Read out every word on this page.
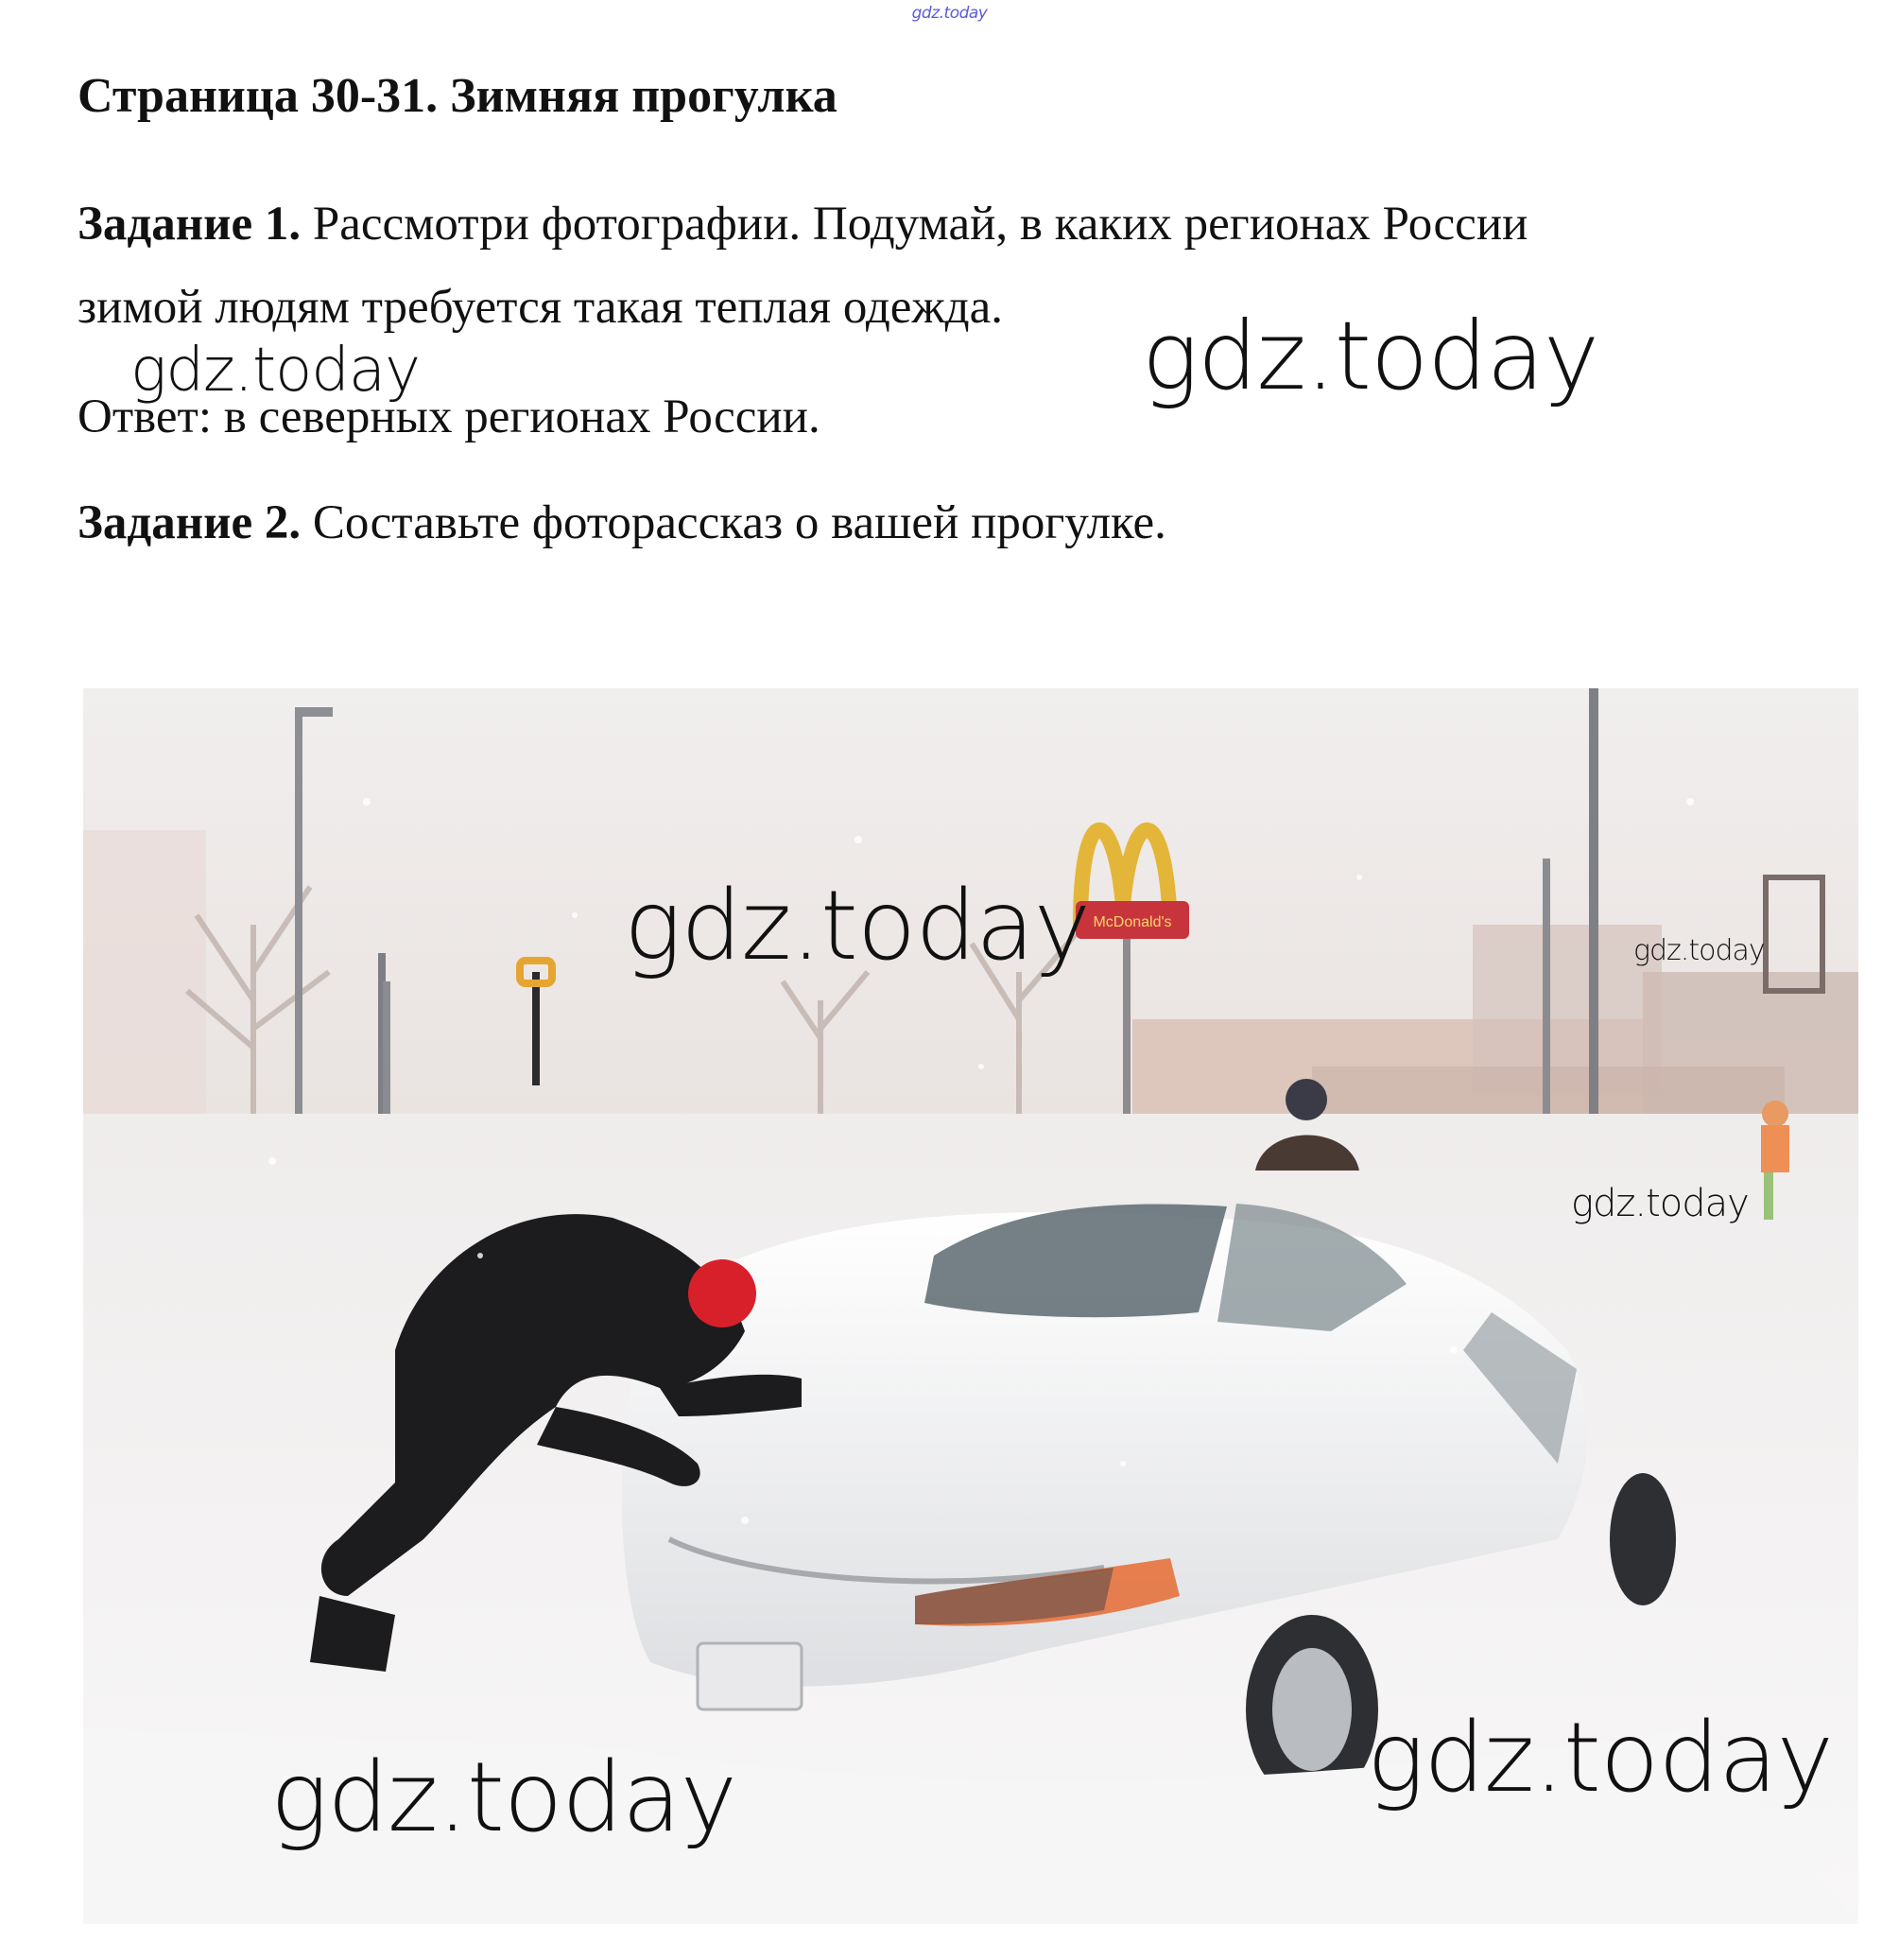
gdz.today
Страница 30-31. Зимняя прогулка

Задание 1. Рассмотри фотографии. Подумай, в каких регионах России

зимой людям требуется такая теплая одежда.

Ответ: в северных регионах России.

Задание 2. Составьте фоторассказ о вашей прогулке.

gdz.today	gdz.today
McDonald's
gdz.today	gdz.today
gdz.today
gdz.today	gdz.today
